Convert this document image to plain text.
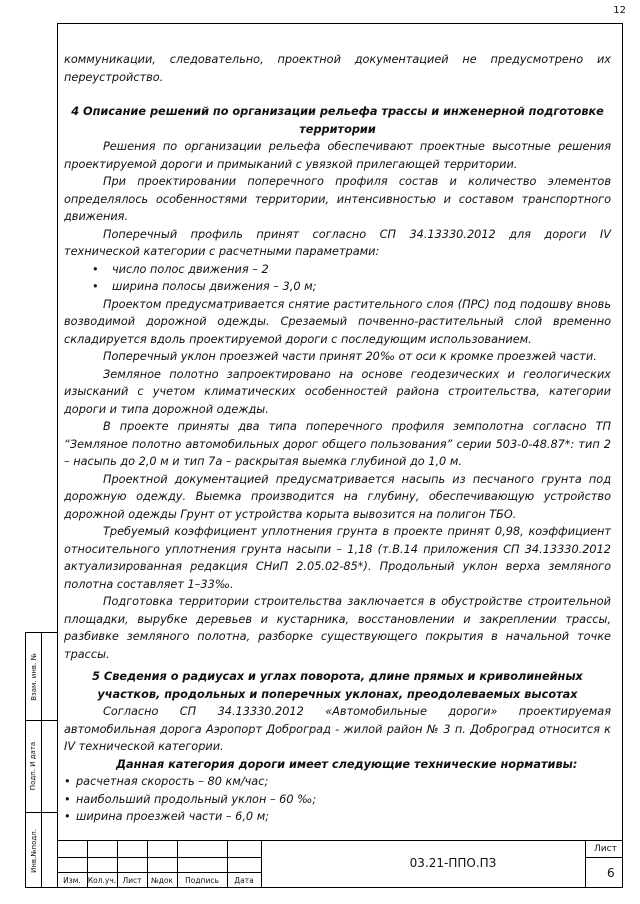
12
Взам. инв. №
Подп. И дата
Инв.№подл.

коммуникации, следовательно, проектной документацией не предусмотрено их переустройство.

4 Описание решений по организации рельефа трассы и инженерной подготовке территории

Решения по организации рельефа обеспечивают проектные высотные решения проектируемой дороги и примыканий с увязкой прилегающей территории.

При проектировании поперечного профиля состав и количество элементов определялось особенностями территории, интенсивностью и составом транспортного движения.

Поперечный профиль принят согласно СП 34.13330.2012 для дороги IV технической категории с расчетными параметрами:

• число полос движения – 2

• ширина полосы движения – 3,0 м;

Проектом предусматривается снятие растительного слоя (ПРС) под подошву вновь возводимой дорожной одежды. Срезаемый почвенно-растительный слой временно складируется вдоль проектируемой дороги с последующим использованием.

Поперечный уклон проезжей части принят 20‰ от оси к кромке проезжей части.

Земляное полотно запроектировано на основе геодезических и геологических изысканий с учетом климатических особенностей района строительства, категории дороги и типа дорожной одежды.

В проекте приняты два типа поперечного профиля земполотна согласно ТП “Земляное полотно автомобильных дорог общего пользования” серии 503-0-48.87*: тип 2 – насыпь до 2,0 м и тип 7а – раскрытая выемка глубиной до 1,0 м.

Проектной документацией предусматривается насыпь из песчаного грунта под дорожную одежду. Выемка производится на глубину, обеспечивающую устройство дорожной одежды Грунт от устройства корыта вывозится на полигон ТБО.

Требуемый коэффициент уплотнения грунта в проекте принят 0,98, коэффициент относительного уплотнения грунта насыпи – 1,18 (т.В.14 приложения СП 34.13330.2012 актуализированная редакция СНиП 2.05.02-85*). Продольный уклон верха земляного полотна составляет 1–33‰.

Подготовка территории строительства заключается в обустройстве строительной площадки, вырубке деревьев и кустарника, восстановлении и закреплении трассы, разбивке земляного полотна, разборке существующего покрытия в начальной точке трассы.

5 Сведения о радиусах и углах поворота, длине прямых и криволинейных участков, продольных и поперечных уклонах, преодолеваемых высотах

Согласно СП 34.13330.2012 «Автомобильные дороги» проектируемая автомобильная дорога Аэропорт Доброград - жилой район № 3 п. Доброград относится к IV технической категории.

Данная категория дороги имеет следующие технические нормативы:

• расчетная скорость – 80 км/час;

• наибольший продольный уклон – 60 ‰;

• ширина проезжей части – 6,0 м;

Изм. Кол.уч. Лист	№док	Подпись	Дата
03.21-ППО.ПЗ
Лист
6
